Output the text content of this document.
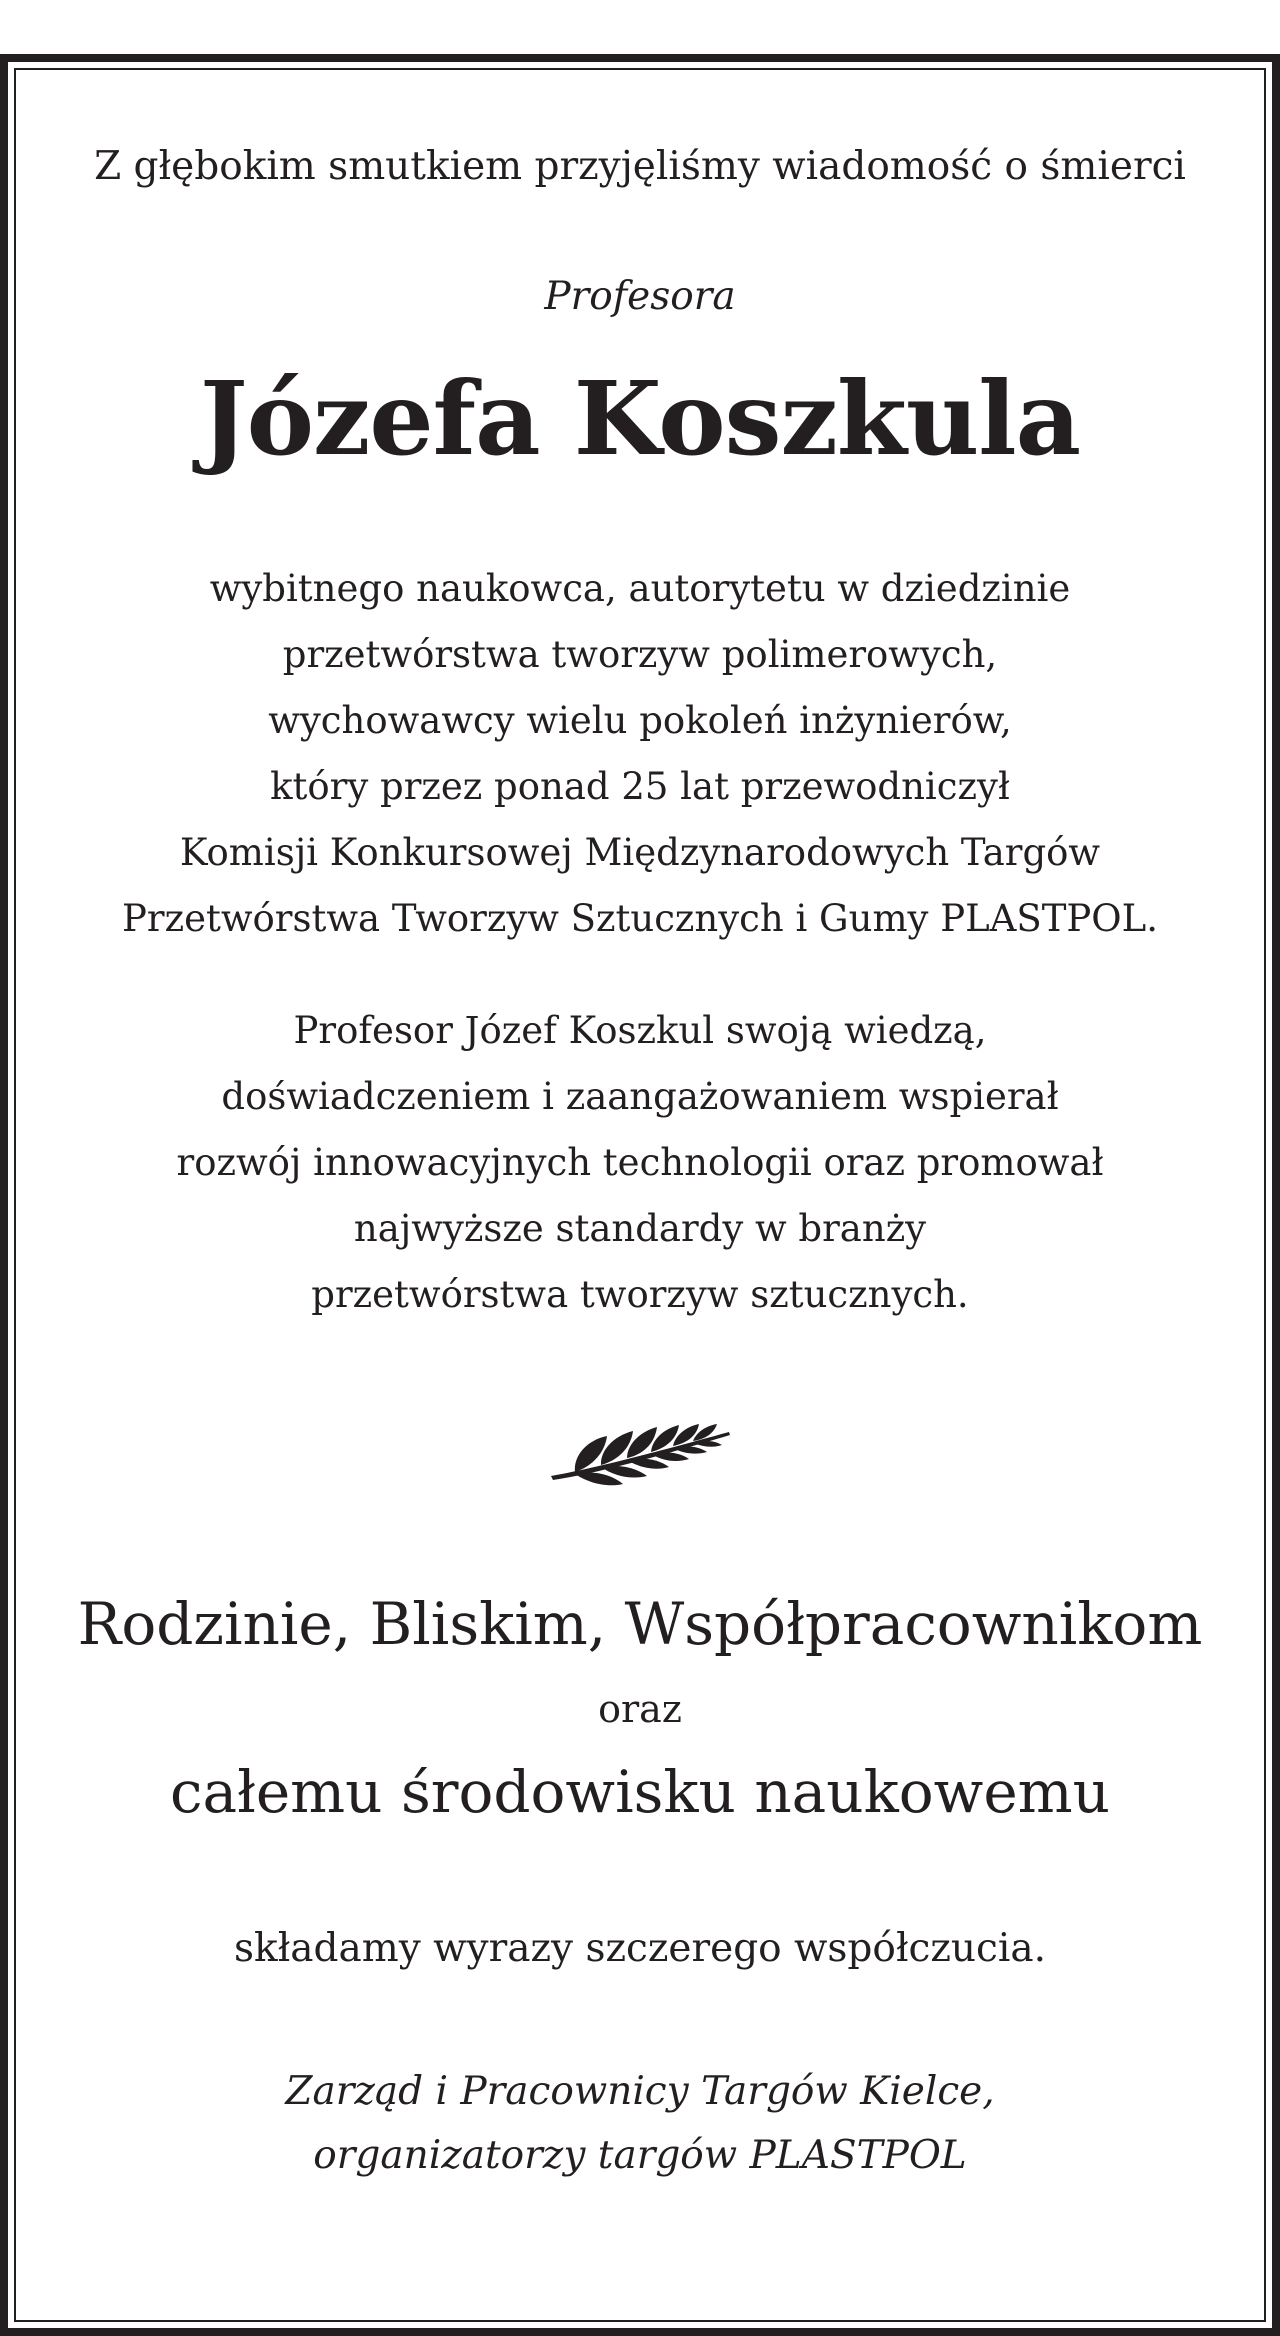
Z głębokim smutkiem przyjęliśmy wiadomość o śmierci

Profesora

Józefa Koszkula

wybitnego naukowca, autorytetu w dziedzinie
przetwórstwa tworzyw polimerowych,
wychowawcy wielu pokoleń inżynierów,
który przez ponad 25 lat przewodniczył
Komisji Konkursowej Międzynarodowych Targów
Przetwórstwa Tworzyw Sztucznych i Gumy PLASTPOL.

Profesor Józef Koszkul swoją wiedzą,
doświadczeniem i zaangażowaniem wspierał
rozwój innowacyjnych technologii oraz promował
najwyższe standardy w branży
przetwórstwa tworzyw sztucznych.

Rodzinie, Bliskim, Współpracownikom

oraz

całemu środowisku naukowemu

składamy wyrazy szczerego współczucia.

Zarząd i Pracownicy Targów Kielce,
organizatorzy targów PLASTPOL
